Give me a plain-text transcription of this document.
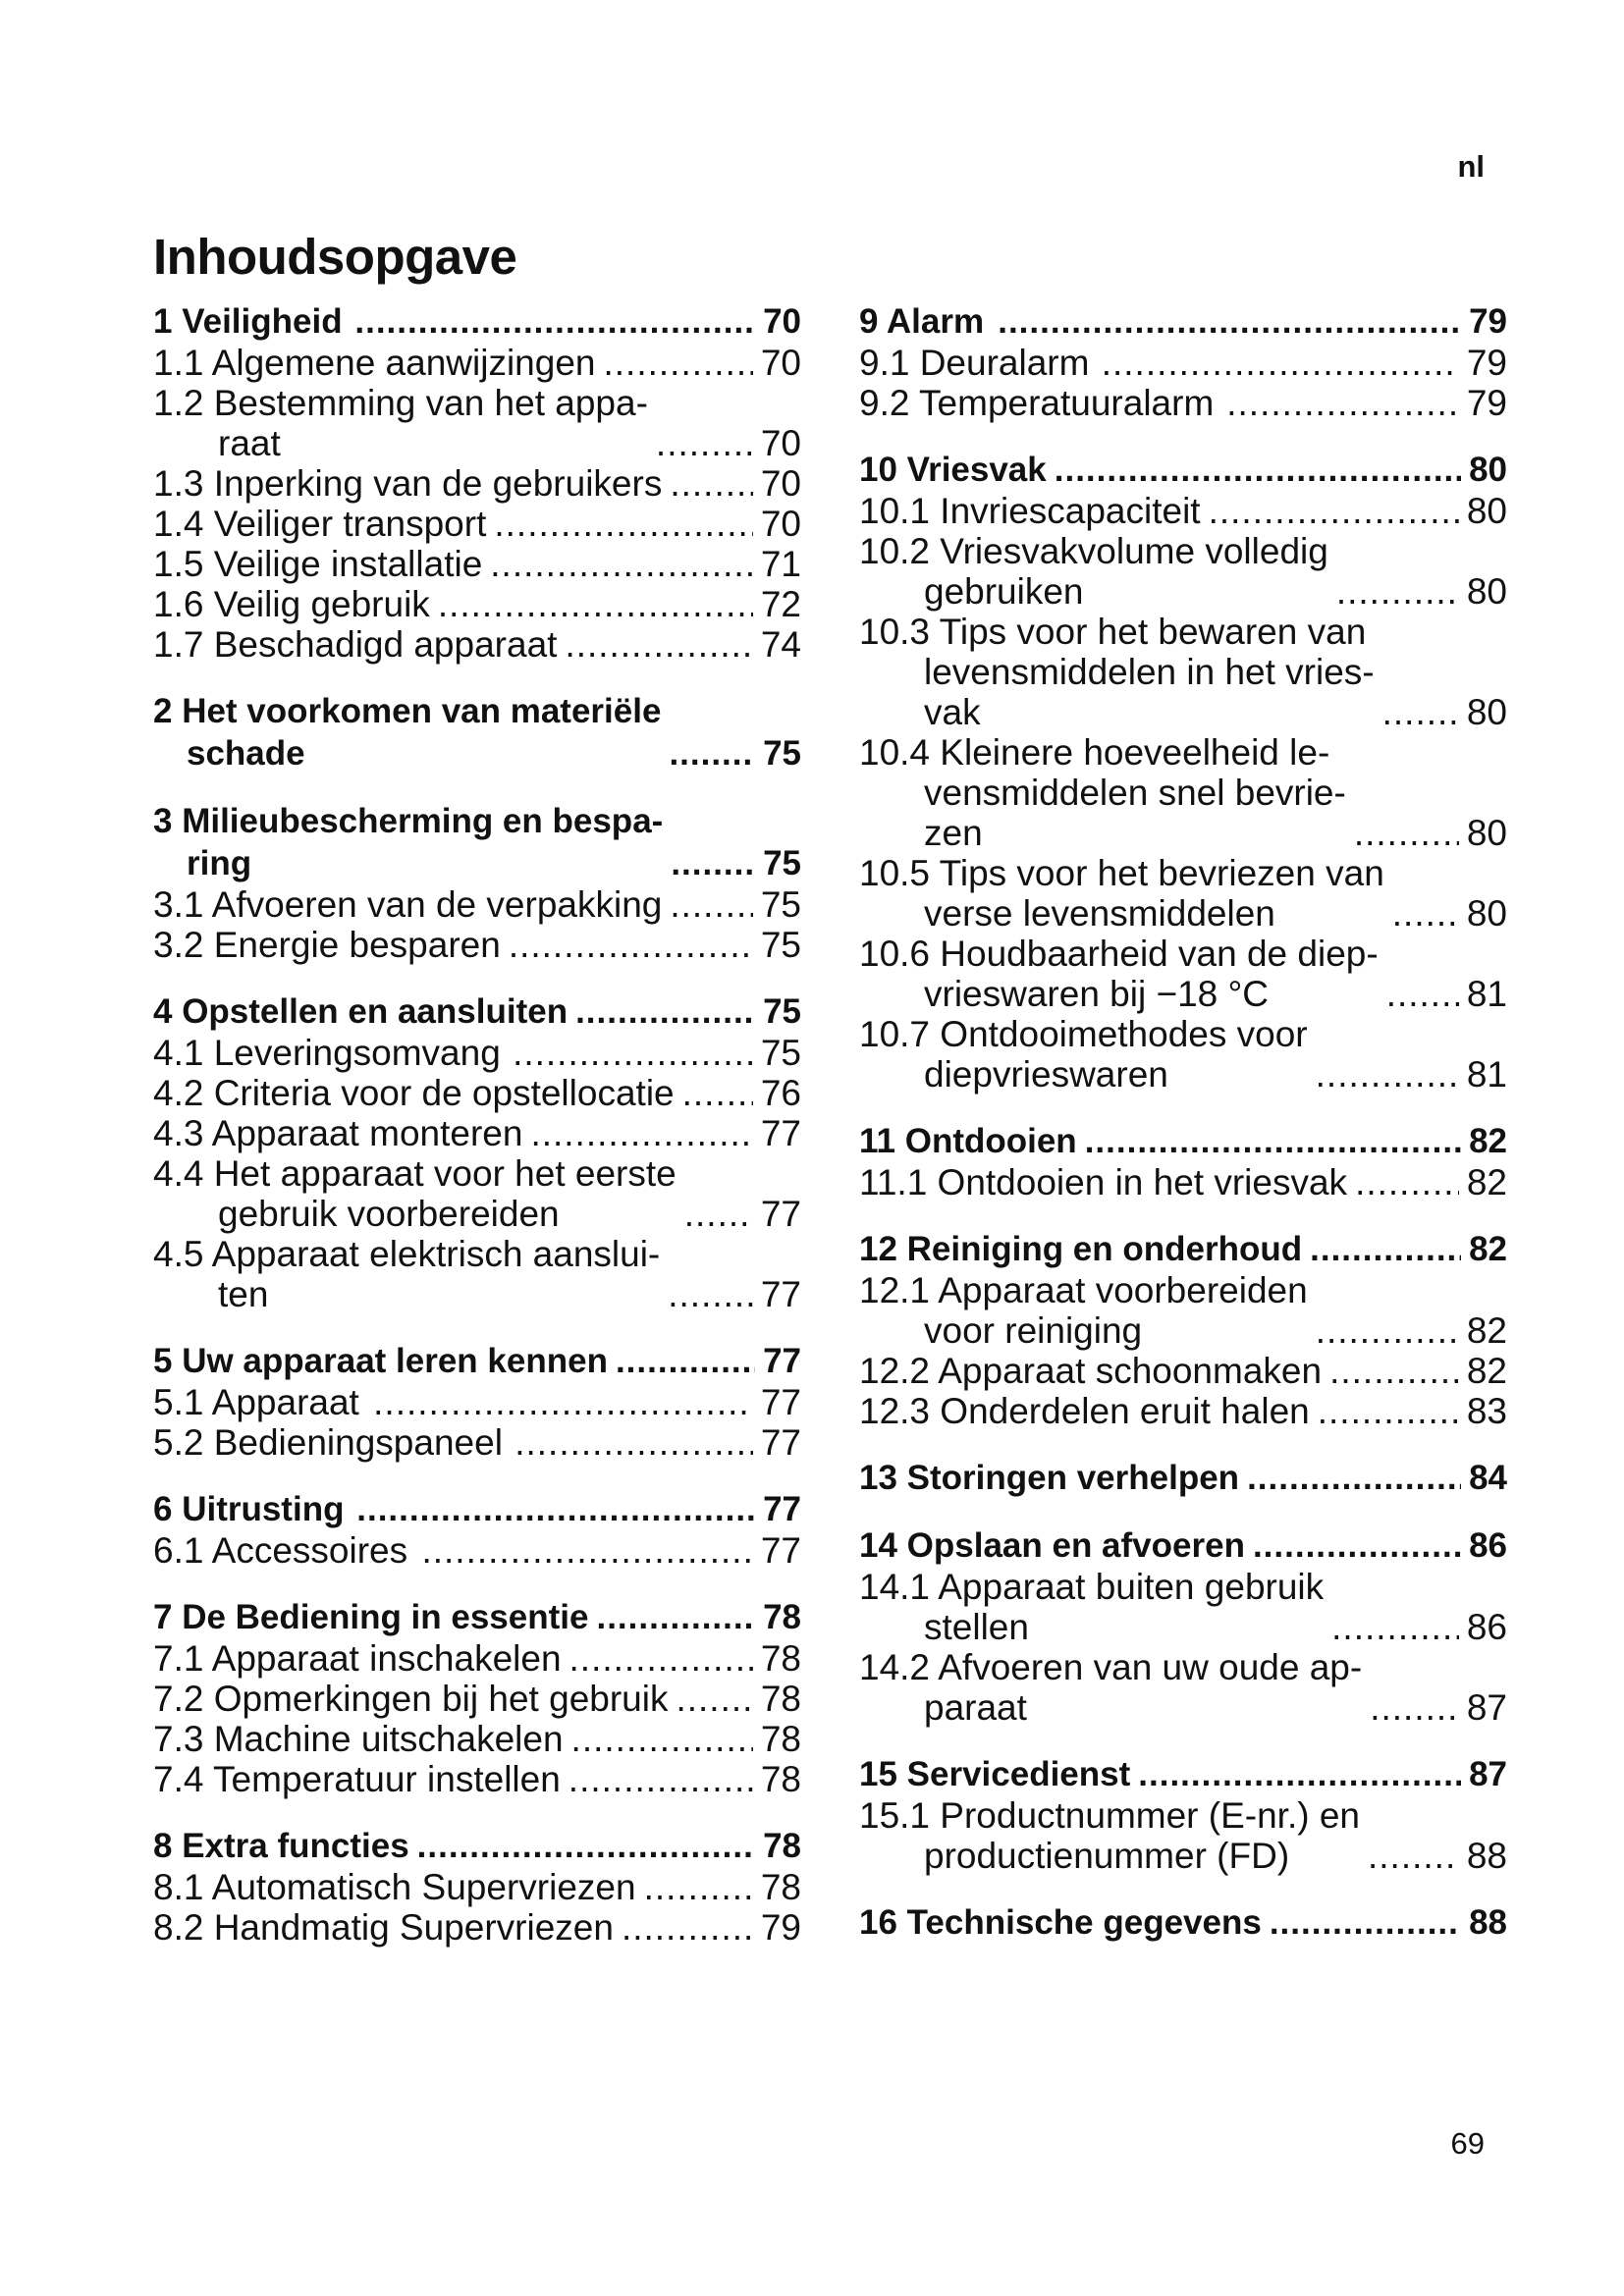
nl
Inhoudsopgave
1 Veiligheid .....	70
1.1 Algemene aanwijzingen .....	70
1.2 Bestemming van het appa-
raat .....	70
1.3 Inperking van de gebruikers .....	70
1.4 Veiliger transport .....	70
1.5 Veilige installatie .....	71
1.6 Veilig gebruik .....	72
1.7 Beschadigd apparaat .....	74
2 Het voorkomen van materiële
schade .....	75
3 Milieubescherming en bespa-
ring .....	75
3.1 Afvoeren van de verpakking .....	75
3.2 Energie besparen .....	75
4 Opstellen en aansluiten .....	75
4.1 Leveringsomvang .....	75
4.2 Criteria voor de opstellocatie ..... 76
4.3 Apparaat monteren .....	77
4.4 Het apparaat voor het eerste
gebruik voorbereiden .....	77
4.5 Apparaat elektrisch aanslui-
ten .....	77
5 Uw apparaat leren kennen .....	77
5.1 Apparaat .....	77
5.2 Bedieningspaneel .....	77
6 Uitrusting .....	77
6.1 Accessoires .....	77
7 De Bediening in essentie .....	78
7.1 Apparaat inschakelen .....	78
7.2 Opmerkingen bij het gebruik .....	78
7.3 Machine uitschakelen .....	78
7.4 Temperatuur instellen .....	78
8 Extra functies .....	78
8.1 Automatisch Supervriezen .....	78
8.2 Handmatig Supervriezen .....	79
9 Alarm .....	79
9.1 Deuralarm .....	79
9.2 Temperatuuralarm .....	79
10 Vriesvak .....	80
10.1 Invriescapaciteit .....	80
10.2 Vriesvakvolume volledig
gebruiken .....	80
10.3 Tips voor het bewaren van
levensmiddelen in het vries-
vak .....	80
10.4 Kleinere hoeveelheid le-
vensmiddelen snel bevrie-
zen .....	80
10.5 Tips voor het bevriezen van
verse levensmiddelen .....	80
10.6 Houdbaarheid van de diep-
vrieswaren bij −18 °C .....	81
10.7 Ontdooimethodes voor
diepvrieswaren .....	81
11 Ontdooien .....	82
11.1 Ontdooien in het vriesvak .....	82
12 Reiniging en onderhoud .....	82
12.1 Apparaat voorbereiden
voor reiniging .....	82
12.2 Apparaat schoonmaken .....	82
12.3 Onderdelen eruit halen .....	83
13 Storingen verhelpen .....	84
14 Opslaan en afvoeren .....	86
14.1 Apparaat buiten gebruik
stellen .....	86
14.2 Afvoeren van uw oude ap-
paraat .....	87
15 Servicedienst .....	87
15.1 Productnummer (E-nr.) en
productienummer (FD) .....	88
16 Technische gegevens .....	88
69
